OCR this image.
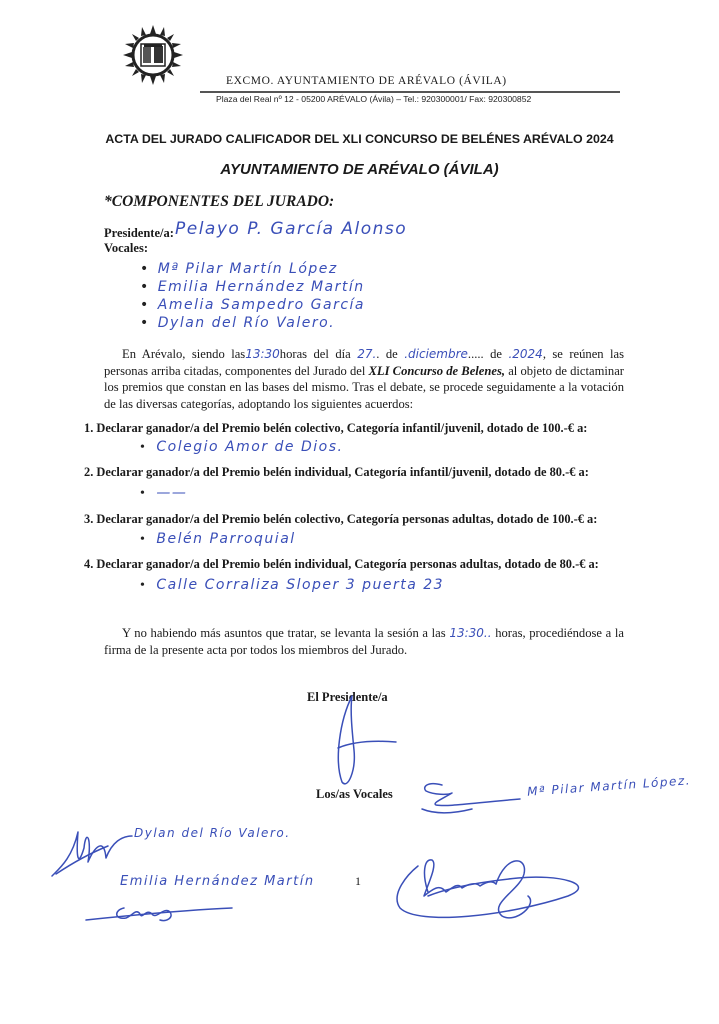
EXCMO. AYUNTAMIENTO DE ARÉVALO (ÁVILA)
Plaza del Real nº 12 - 05200 ARÉVALO (Ávila) – Tel.: 920300001/ Fax: 920300852
ACTA DEL JURADO CALIFICADOR DEL XLI CONCURSO DE BELÉNES ARÉVALO 2024
AYUNTAMIENTO DE ARÉVALO (ÁVILA)
*COMPONENTES DEL JURADO:
Presidente/a: Pelayo P. García Alonso
Vocales:
• Mª Pilar Martín López
• Emilia Hernández Martín
• Amelia Sampedro García
• Dylan del Río Valero.
En Arévalo, siendo las13:30horas del día 27.. de .diciembre..... de .2024, se reúnen las personas arriba citadas, componentes del Jurado del XLI Concurso de Belenes, al objeto de dictaminar los premios que constan en las bases del mismo. Tras el debate, se procede seguidamente a la votación de las diversas categorías, adoptando los siguientes acuerdos:
1. Declarar ganador/a del Premio belén colectivo, Categoría infantil/juvenil, dotado de 100.-€ a:
• Colegio Amor de Dios.
2. Declarar ganador/a del Premio belén individual, Categoría infantil/juvenil, dotado de 80.-€ a:
• ——
3. Declarar ganador/a del Premio belén colectivo, Categoría personas adultas, dotado de 100.-€ a:
• Belén Parroquial
4. Declarar ganador/a del Premio belén individual, Categoría personas adultas, dotado de 80.-€ a:
• Calle Corraliza Sloper 3 puerta 23
Y no habiendo más asuntos que tratar, se levanta la sesión a las 13:30.. horas, procediéndose a la firma de la presente acta por todos los miembros del Jurado.
El Presidente/a
Los/as Vocales	Mª Pilar Martín López.
Dylan del Río Valero.
Emilia Hernández Martín	1
